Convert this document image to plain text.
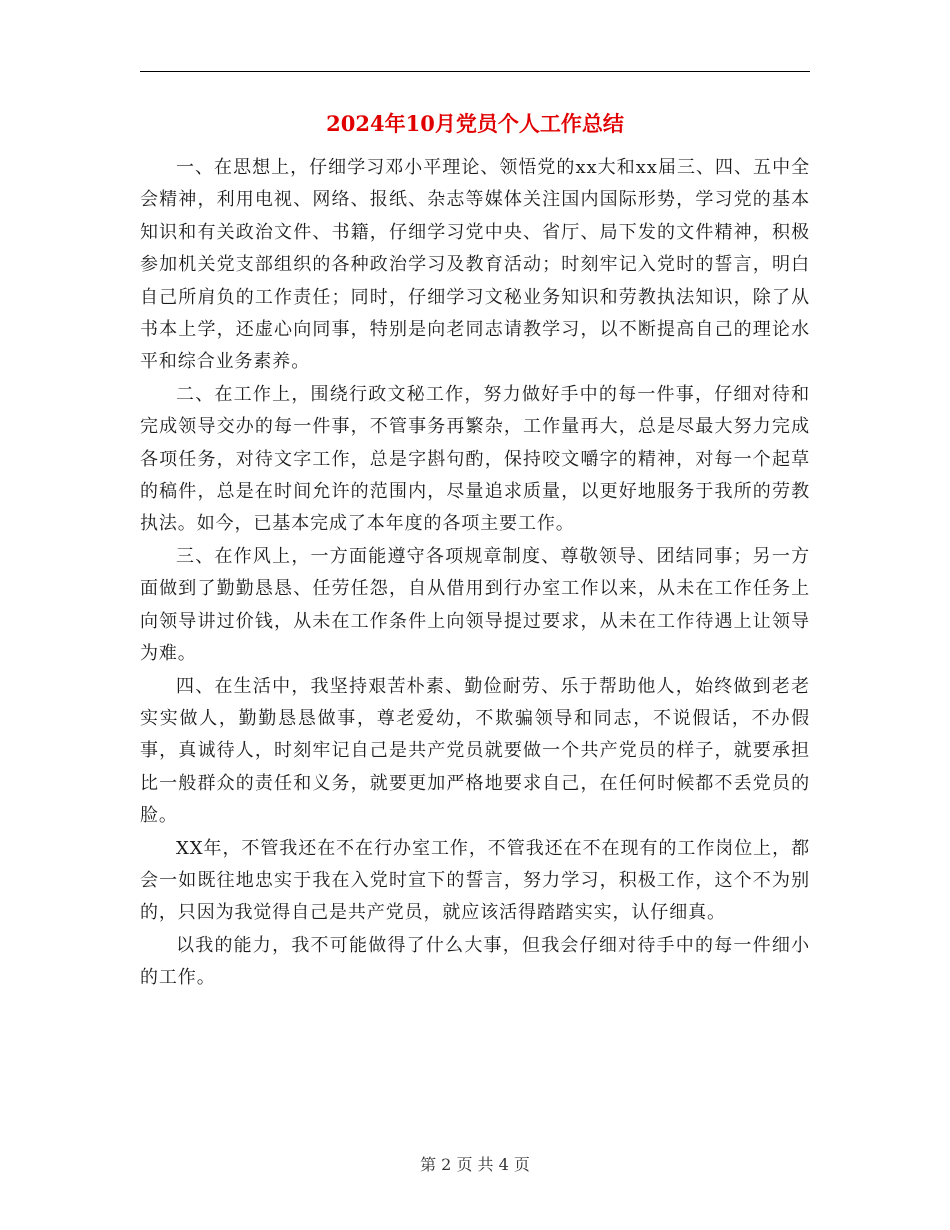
2024年10月党员个人工作总结

一、在思想上，仔细学习邓小平理论、领悟党的xx大和xx届三、四、五中全会精神，利用电视、网络、报纸、杂志等媒体关注国内国际形势，学习党的基本知识和有关政治文件、书籍，仔细学习党中央、省厅、局下发的文件精神，积极参加机关党支部组织的各种政治学习及教育活动；时刻牢记入党时的誓言，明白自己所肩负的工作责任；同时，仔细学习文秘业务知识和劳教执法知识，除了从书本上学，还虚心向同事，特别是向老同志请教学习，以不断提高自己的理论水平和综合业务素养。

二、在工作上，围绕行政文秘工作，努力做好手中的每一件事，仔细对待和完成领导交办的每一件事，不管事务再繁杂，工作量再大，总是尽最大努力完成各项任务，对待文字工作，总是字斟句酌，保持咬文嚼字的精神，对每一个起草的稿件，总是在时间允许的范围内，尽量追求质量，以更好地服务于我所的劳教执法。如今，已基本完成了本年度的各项主要工作。

三、在作风上，一方面能遵守各项规章制度、尊敬领导、团结同事；另一方面做到了勤勤恳恳、任劳任怨，自从借用到行办室工作以来，从未在工作任务上向领导讲过价钱，从未在工作条件上向领导提过要求，从未在工作待遇上让领导为难。

四、在生活中，我坚持艰苦朴素、勤俭耐劳、乐于帮助他人，始终做到老老实实做人，勤勤恳恳做事，尊老爱幼，不欺骗领导和同志，不说假话，不办假事，真诚待人，时刻牢记自己是共产党员就要做一个共产党员的样子，就要承担比一般群众的责任和义务，就要更加严格地要求自己，在任何时候都不丢党员的脸。

XX年，不管我还在不在行办室工作，不管我还在不在现有的工作岗位上，都会一如既往地忠实于我在入党时宣下的誓言，努力学习，积极工作，这个不为别的，只因为我觉得自己是共产党员，就应该活得踏踏实实，认仔细真。

以我的能力，我不可能做得了什么大事，但我会仔细对待手中的每一件细小的工作。

第 2 页 共 4 页
